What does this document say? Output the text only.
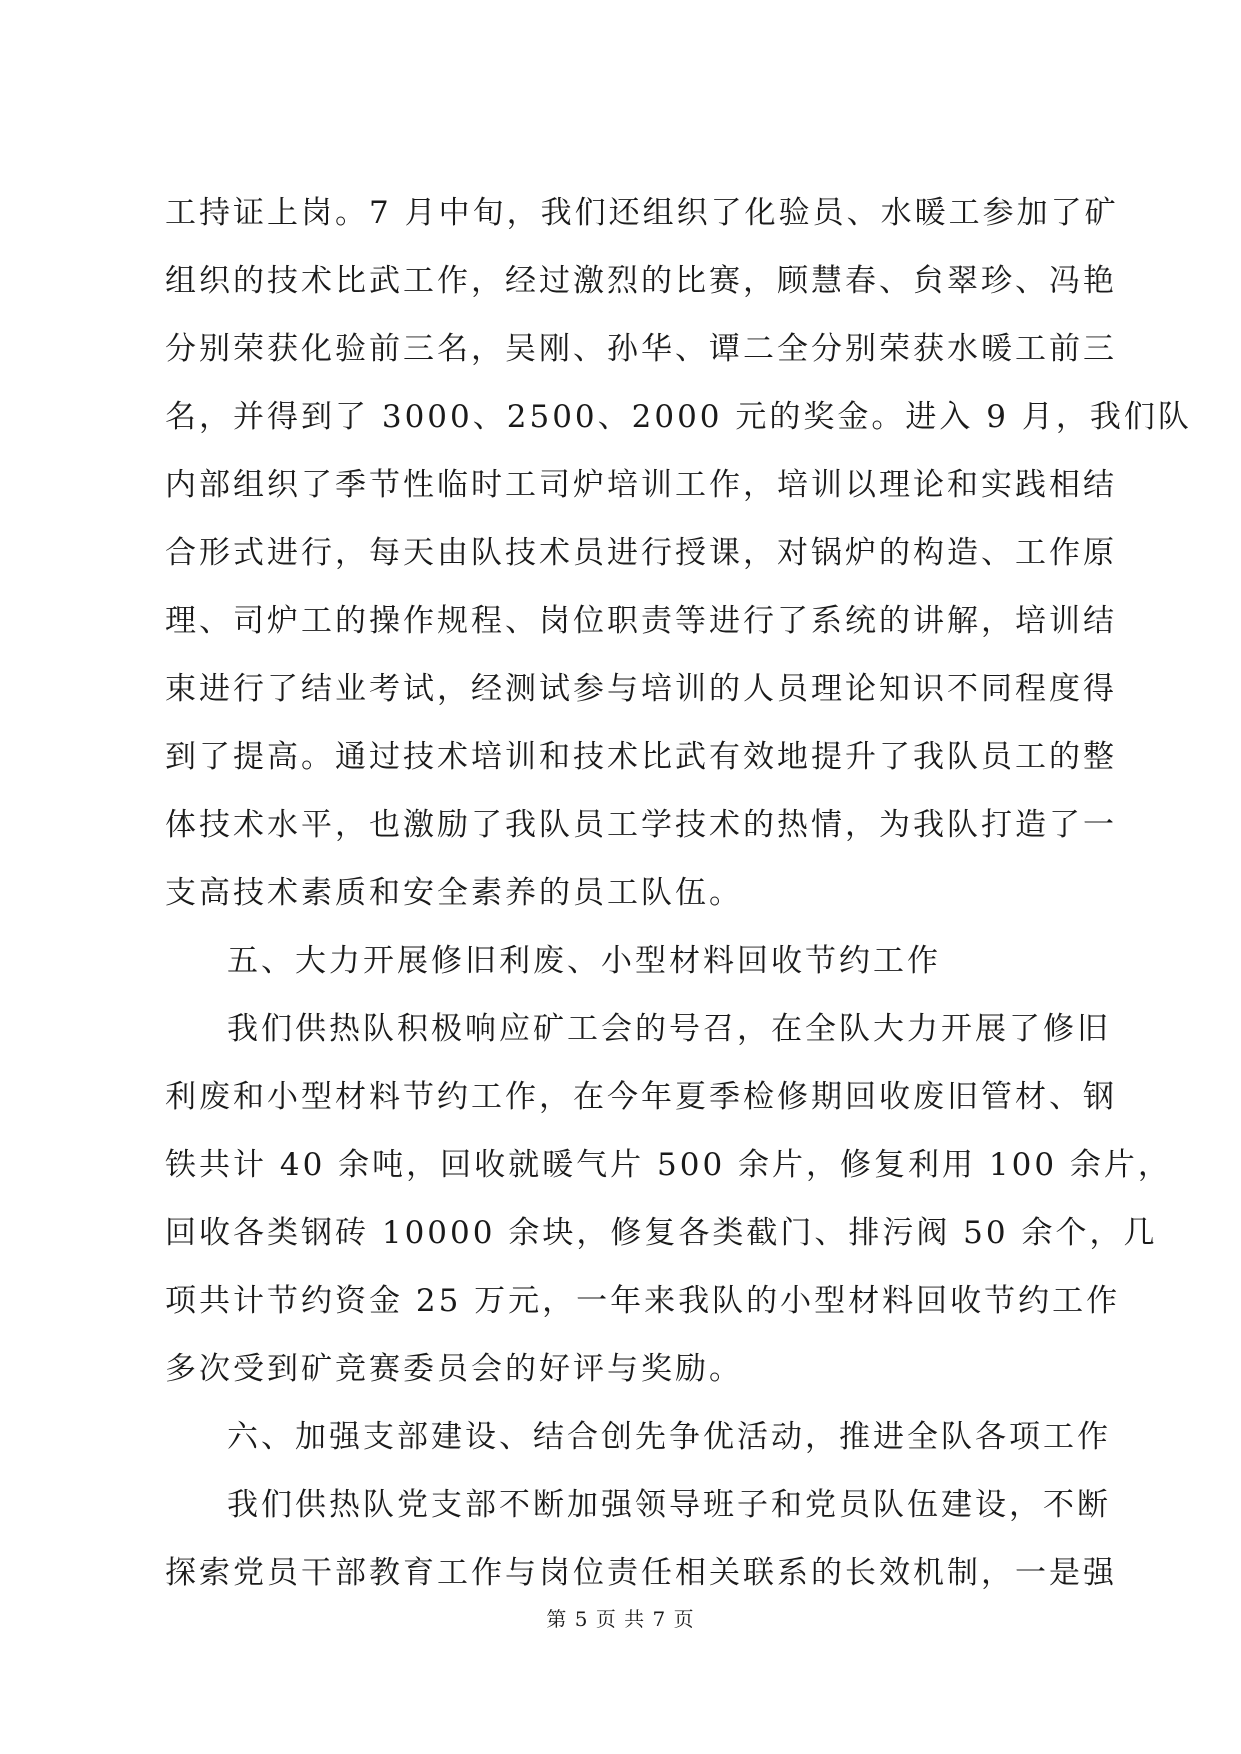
工持证上岗。7 月中旬，我们还组织了化验员、水暖工参加了矿
组织的技术比武工作，经过激烈的比赛，顾慧春、贠翠珍、冯艳
分别荣获化验前三名，吴刚、孙华、谭二全分别荣获水暖工前三
名，并得到了 3000、2500、2000 元的奖金。进入 9 月，我们队
内部组织了季节性临时工司炉培训工作，培训以理论和实践相结
合形式进行，每天由队技术员进行授课，对锅炉的构造、工作原
理、司炉工的操作规程、岗位职责等进行了系统的讲解，培训结
束进行了结业考试，经测试参与培训的人员理论知识不同程度得
到了提高。通过技术培训和技术比武有效地提升了我队员工的整
体技术水平，也激励了我队员工学技术的热情，为我队打造了一
支高技术素质和安全素养的员工队伍。
五、大力开展修旧利废、小型材料回收节约工作
我们供热队积极响应矿工会的号召，在全队大力开展了修旧
利废和小型材料节约工作，在今年夏季检修期回收废旧管材、钢
铁共计 40 余吨，回收就暖气片 500 余片，修复利用 100 余片，
回收各类钢砖 10000 余块，修复各类截门、排污阀 50 余个，几
项共计节约资金 25 万元，一年来我队的小型材料回收节约工作
多次受到矿竞赛委员会的好评与奖励。
六、加强支部建设、结合创先争优活动，推进全队各项工作
我们供热队党支部不断加强领导班子和党员队伍建设，不断
探索党员干部教育工作与岗位责任相关联系的长效机制，一是强
第 5 页 共 7 页
